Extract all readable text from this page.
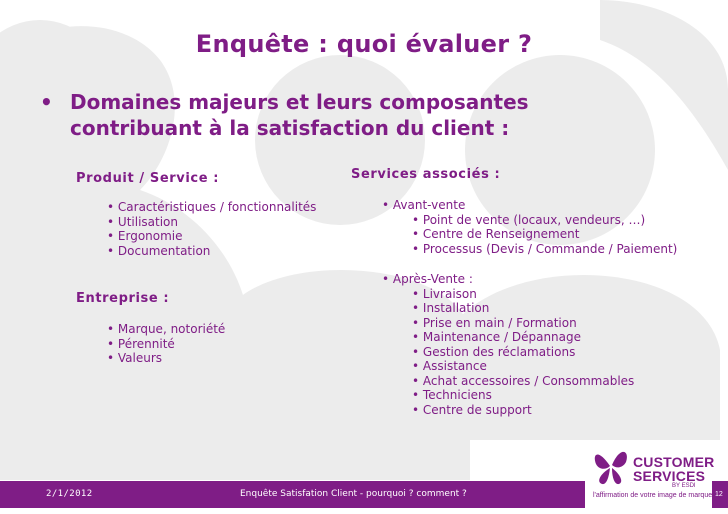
Enquête : quoi évaluer ?
• Domaines majeurs et leurs composantes
contribuant à la satisfaction du client :
Produit / Service :
• Caractéristiques / fonctionnalités
• Utilisation
• Ergonomie
• Documentation
Entreprise :
• Marque, notoriété
• Pérennité
• Valeurs
Services associés :
• Avant-vente
• Point de vente (locaux, vendeurs, …)
• Centre de Renseignement
• Processus (Devis / Commande / Paiement)
• Après-Vente :
• Livraison
• Installation
• Prise en main / Formation
• Maintenance / Dépannage
• Gestion des réclamations
• Assistance
• Achat accessoires / Consommables
• Techniciens
• Centre de support
2/1/2012	Enquête Satisfation Client - pourquoi ? comment ?
CUSTOMER
SERVICES
BY ESDI
l'affirmation de votre image de marque 12
